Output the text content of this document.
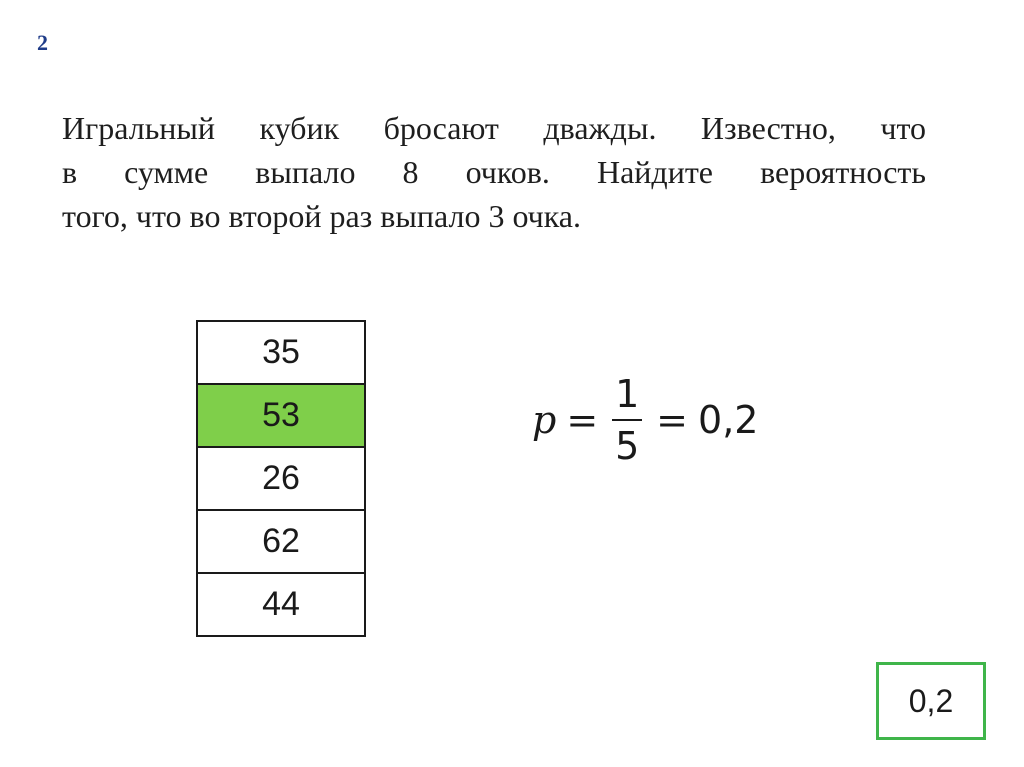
2
Игральный кубик бросают дважды. Известно, что
в сумме выпало 8 очков. Найдите вероятность
того, что во второй раз выпало 3 очка.
35
53
26
62
44
$p = \frac{1}{5} = 0,2$
0,2
